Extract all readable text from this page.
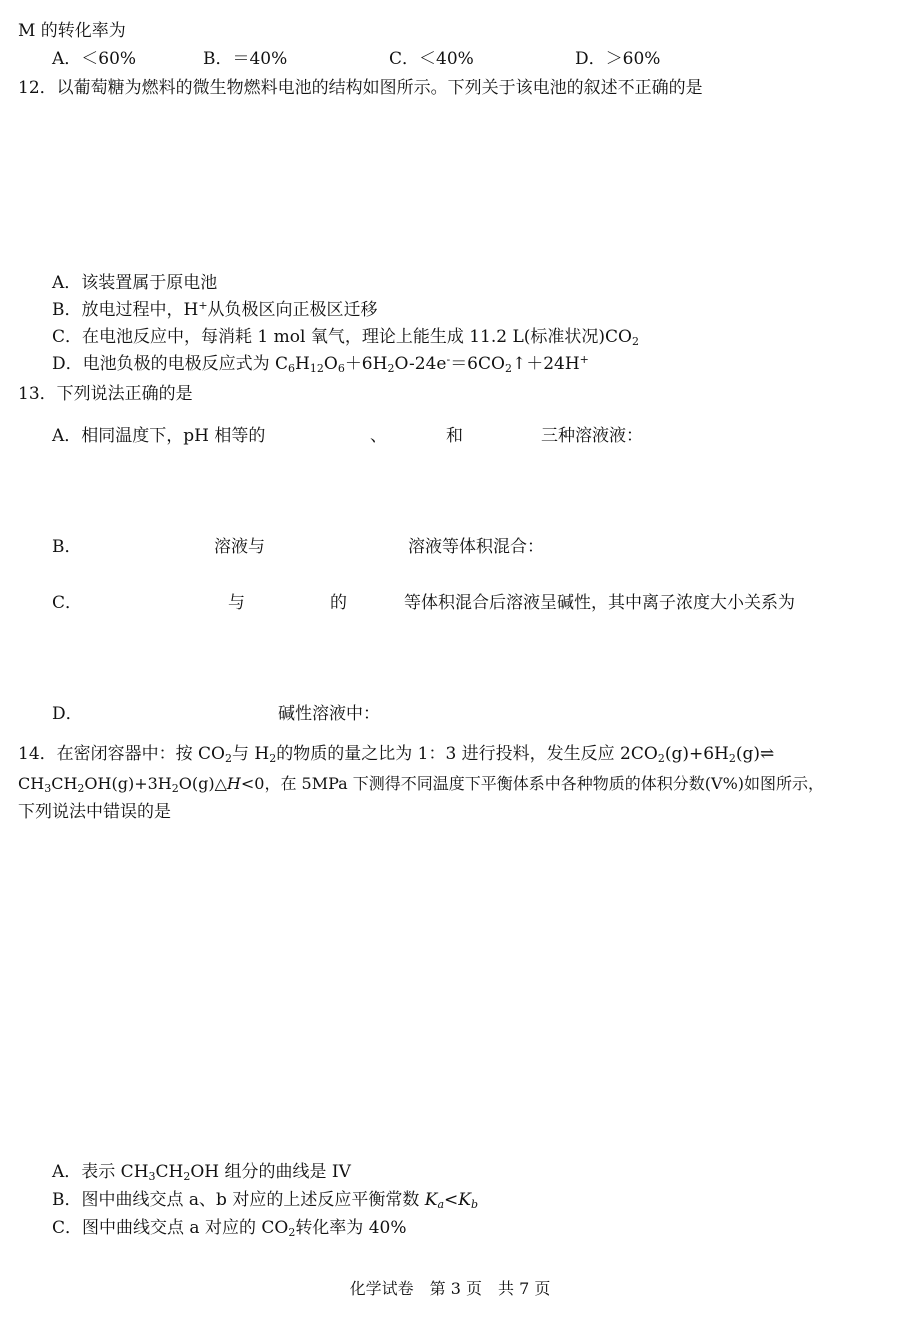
M 的转化率为
A．＜60%	B．＝40%	C．＜40%	D．＞60%
12．以葡萄糖为燃料的微生物燃料电池的结构如图所示。下列关于该电池的叙述不正确的是
A．该装置属于原电池
B．放电过程中，H+从负极区向正极区迁移
C．在电池反应中，每消耗 1 mol 氧气，理论上能生成 11.2 L(标准状况)$CO_2$
D．电池负极的电极反应式为 $C_6H_{12}O_6+6H_2O-24e^-=6CO_2↑+24H^+$
13．下列说法正确的是
A．相同温度下，pH 相等的	、	和	三种溶液液：
B．	溶液与	溶液等体积混合：
C．	与	的	等体积混合后溶液呈碱性，其中离子浓度大小关系为
D．	碱性溶液中：
14．在密闭容器中：按 $CO_2$与 $H_2$的物质的量之比为 1：3 进行投料，发生反应 $2CO_2(g)+6H_2(g)\rightleftharpoons$
$CH_3CH_2OH(g)+3H_2O(g)\triangle H<0$，在 5MPa 下测得不同温度下平衡体系中各种物质的体积分数(V%)如图所示，
下列说法中错误的是
A．表示 $CH_3CH_2OH$ 组分的曲线是 IV
B．图中曲线交点 a、b 对应的上述反应平衡常数 $K_a<K_b$
C．图中曲线交点 a 对应的 $CO_2$转化率为 40%
化学试卷　第 3 页　共 7 页
